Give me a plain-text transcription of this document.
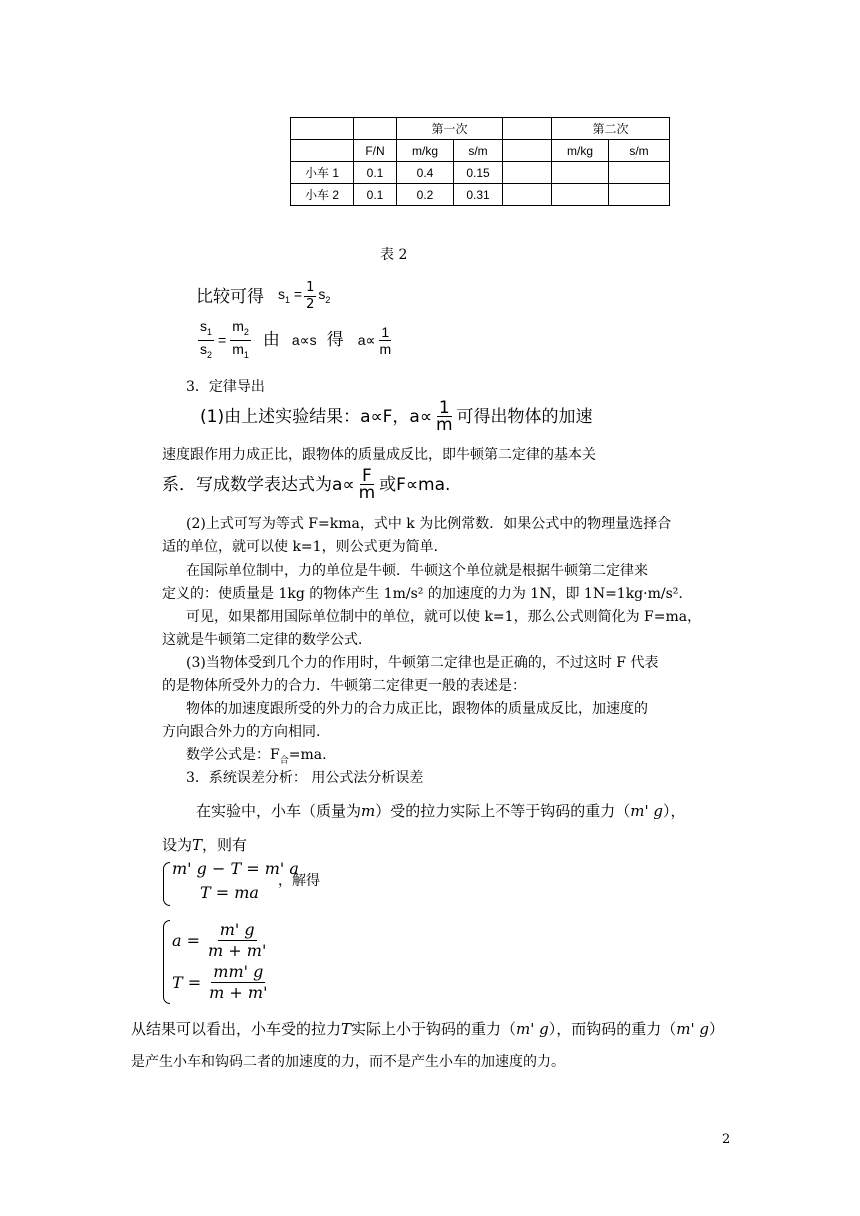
		第一次			第二次	
	F/N	m/kg	s/m		m/kg	s/m
小车 1	0.1	0.4	0.15			
小车 2	0.1	0.2	0.31			
表 2
比较可得 $s_1 = \frac{1}{2} s_2$
$\frac{s_1}{s_2} = \frac{m_2}{m_1}$ 由 a∝s 得 $a\propto \frac{1}{m}$
3．定律导出
(1)由上述实验结果：a∝F，$a\propto \frac{1}{m}$ 可得出物体的加速
速度跟作用力成正比，跟物体的质量成反比，即牛顿第二定律的基本关
系．写成数学表达式为$a\propto \frac{F}{m}$ 或F∝ma.
(2)上式可写为等式 F=kma，式中 k 为比例常数．如果公式中的物理量选择合
适的单位，就可以使 k=1，则公式更为简单．
在国际单位制中，力的单位是牛顿．牛顿这个单位就是根据牛顿第二定律来
定义的：使质量是 1kg 的物体产生 1m/s² 的加速度的力为 1N，即 1N=1kg·m/s².
可见，如果都用国际单位制中的单位，就可以使 k=1，那么公式则简化为 F=ma，
这就是牛顿第二定律的数学公式．
(3)当物体受到几个力的作用时，牛顿第二定律也是正确的，不过这时 F 代表
的是物体所受外力的合力．牛顿第二定律更一般的表述是：
物体的加速度跟所受的外力的合力成正比，跟物体的质量成反比，加速度的
方向跟合外力的方向相同.
数学公式是：$F_合=ma$.
3．系统误差分析： 用公式法分析误差
在实验中，小车（质量为m）受的拉力实际上不等于钩码的重力（m' g），
设为T，则有
m' g − T = m' a
T = ma
，解得
$a = \frac{m' g}{m + m'}$
$T = \frac{mm' g}{m + m'}$
从结果可以看出，小车受的拉力T实际上小于钩码的重力（m' g），而钩码的重力（m' g）
是产生小车和钩码二者的加速度的力，而不是产生小车的加速度的力。
2
